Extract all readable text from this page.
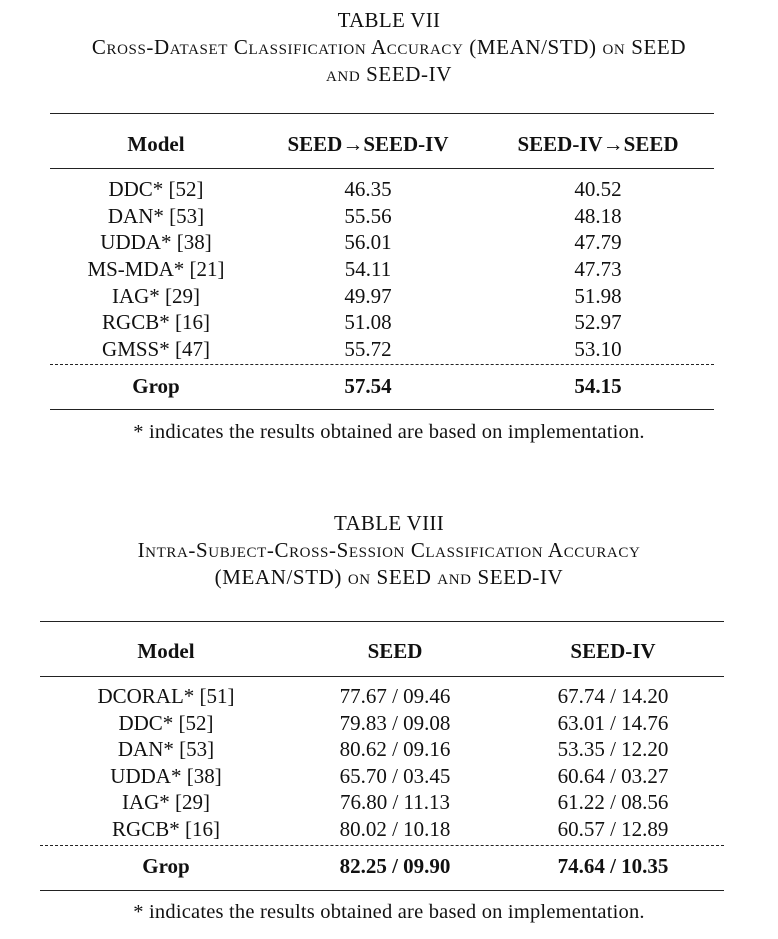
TABLE VII
Cross-Dataset Classification Accuracy (MEAN/STD) on SEED
and SEED-IV
Model	SEED→SEED-IV	SEED-IV→SEED
DDC* [52]	46.35	40.52
DAN* [53]	55.56	48.18
UDDA* [38]	56.01	47.79
MS-MDA* [21]	54.11	47.73
IAG* [29]	49.97	51.98
RGCB* [16]	51.08	52.97
GMSS* [47]	55.72	53.10
Grop	57.54	54.15
* indicates the results obtained are based on implementation.
TABLE VIII
Intra-Subject-Cross-Session Classification Accuracy
(MEAN/STD) on SEED and SEED-IV
Model	SEED	SEED-IV
DCORAL* [51]	77.67 / 09.46	67.74 / 14.20
DDC* [52]	79.83 / 09.08	63.01 / 14.76
DAN* [53]	80.62 / 09.16	53.35 / 12.20
UDDA* [38]	65.70 / 03.45	60.64 / 03.27
IAG* [29]	76.80 / 11.13	61.22 / 08.56
RGCB* [16]	80.02 / 10.18	60.57 / 12.89
Grop	82.25 / 09.90	74.64 / 10.35
* indicates the results obtained are based on implementation.
